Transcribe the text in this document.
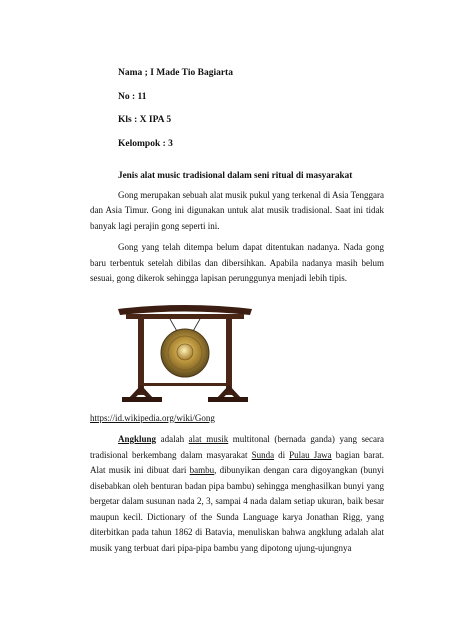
Nama ; I Made Tio Bagiarta
No : 11
Kls : X IPA 5
Kelompok : 3
Jenis alat music tradisional dalam seni ritual di masyarakat

Gong merupakan sebuah alat musik pukul yang terkenal di Asia Tenggara dan Asia Timur. Gong ini digunakan untuk alat musik tradisional. Saat ini tidak banyak lagi perajin gong seperti ini.

Gong yang telah ditempa belum dapat ditentukan nadanya. Nada gong baru terbentuk setelah dibilas dan dibersihkan. Apabila nadanya masih belum sesuai, gong dikerok sehingga lapisan perunggunya menjadi lebih tipis.

https://id.wikipedia.org/wiki/Gong

Angklung adalah alat musik multitonal (bernada ganda) yang secara tradisional berkembang dalam masyarakat Sunda di Pulau Jawa bagian barat. Alat musik ini dibuat dari bambu, dibunyikan dengan cara digoyangkan (bunyi disebabkan oleh benturan badan pipa bambu) sehingga menghasilkan bunyi yang bergetar dalam susunan nada 2, 3, sampai 4 nada dalam setiap ukuran, baik besar maupun kecil. Dictionary of the Sunda Language karya Jonathan Rigg, yang diterbitkan pada tahun 1862 di Batavia, menuliskan bahwa angklung adalah alat musik yang terbuat dari pipa-pipa bambu yang dipotong ujung-ujungnya
